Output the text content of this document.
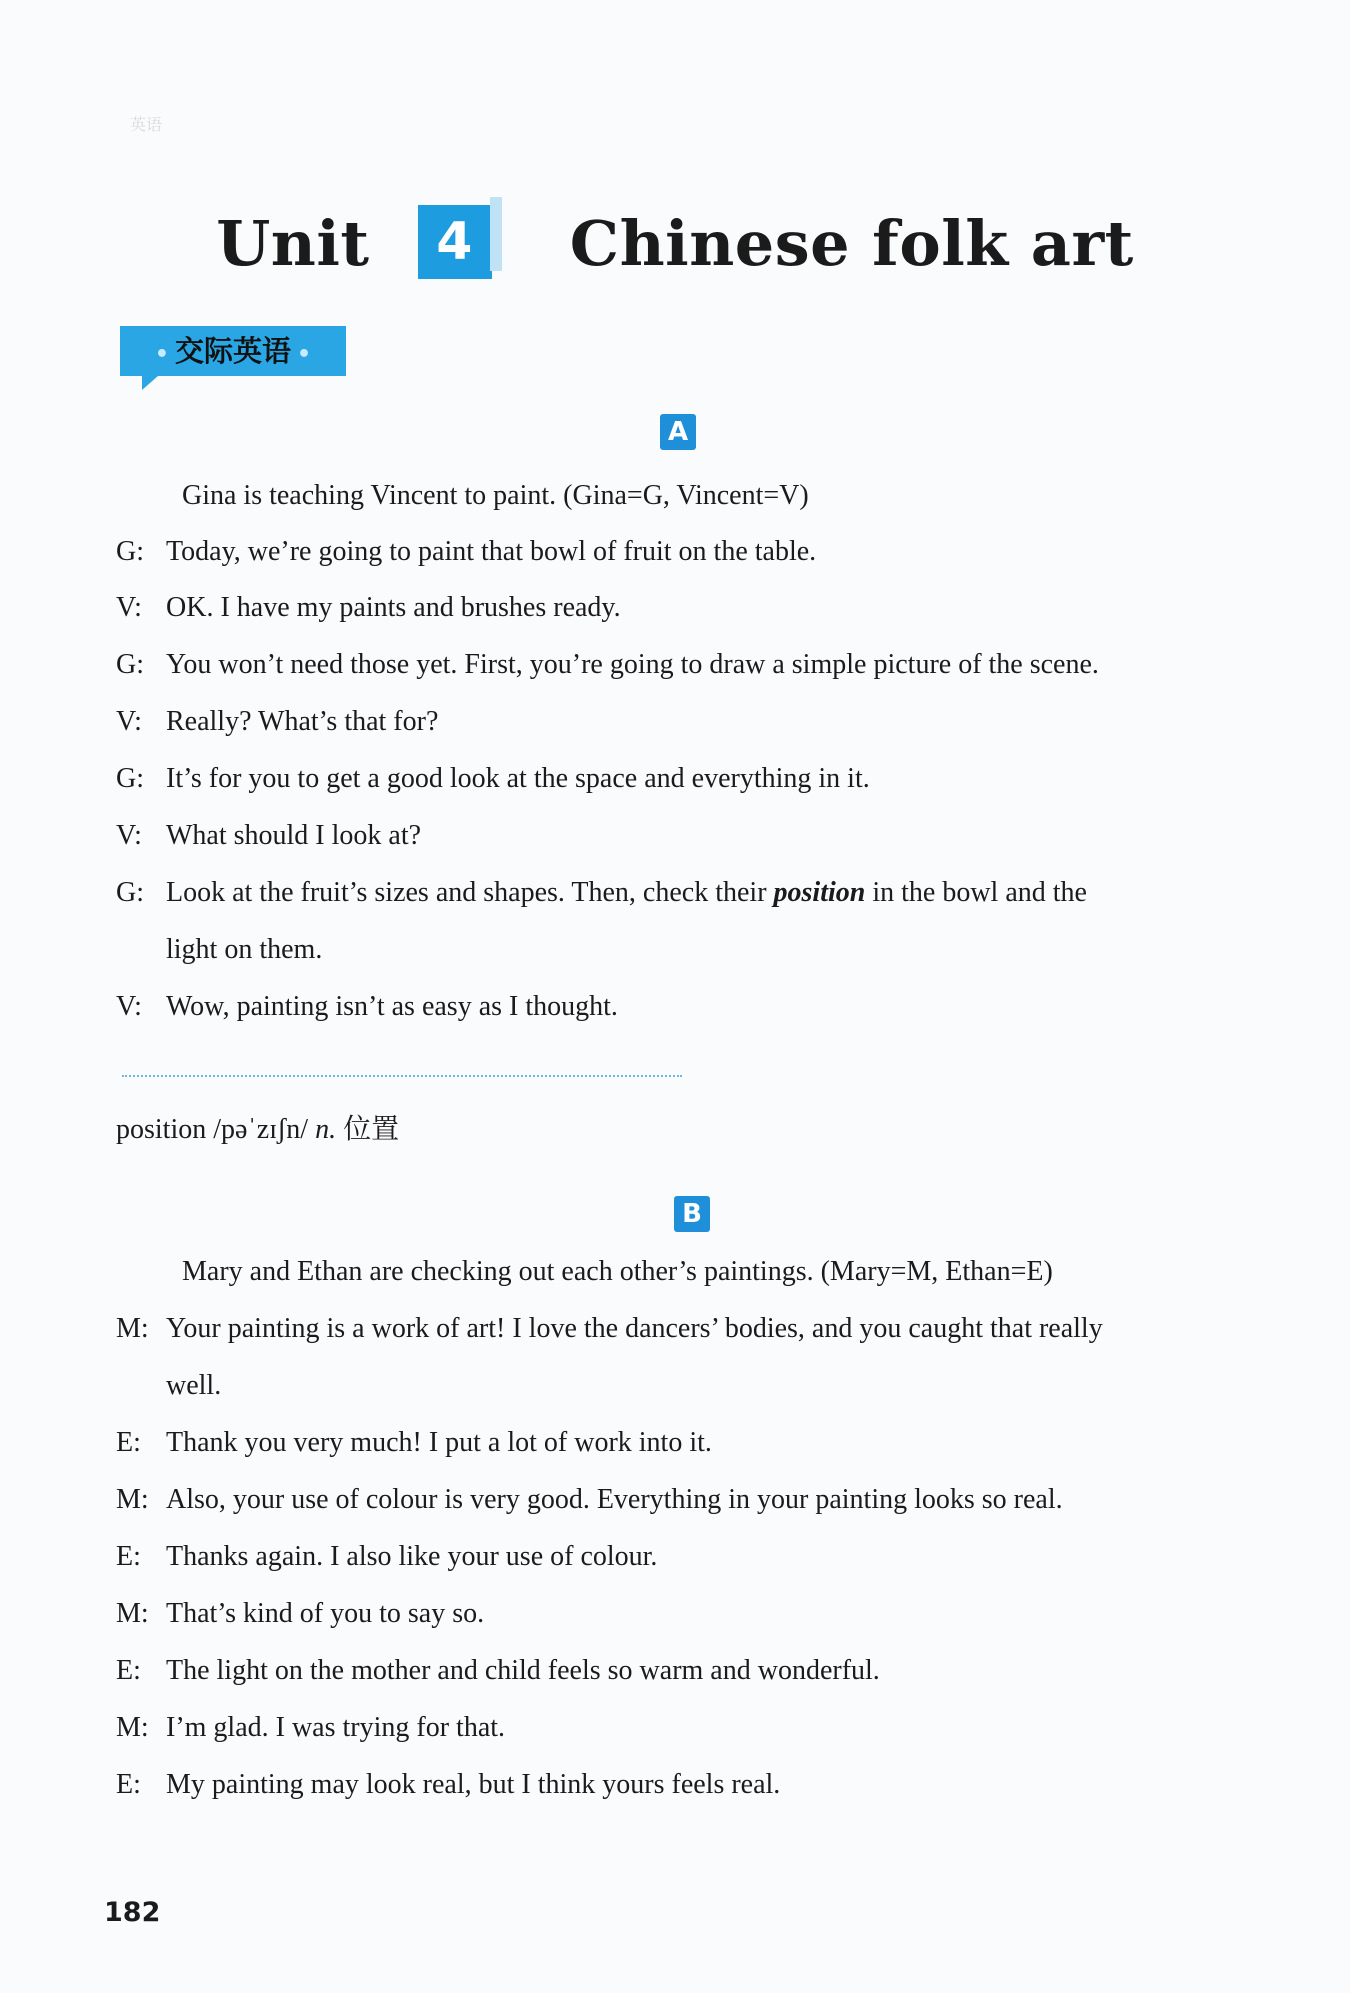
英语
Unit 4 Chinese folk art
• 交际英语 •
A
Gina is teaching Vincent to paint. (Gina=G, Vincent=V)
G: Today, we’re going to paint that bowl of fruit on the table.
V: OK. I have my paints and brushes ready.
G: You won’t need those yet. First, you’re going to draw a simple picture of the scene.
V: Really? What’s that for?
G: It’s for you to get a good look at the space and everything in it.
V: What should I look at?
G: Look at the fruit’s sizes and shapes. Then, check their position in the bowl and the
light on them.
V: Wow, painting isn’t as easy as I thought.
position /pəˈzɪʃn/ n. 位置
B
Mary and Ethan are checking out each other’s paintings. (Mary=M, Ethan=E)
M: Your painting is a work of art! I love the dancers’ bodies, and you caught that really
well.
E: Thank you very much! I put a lot of work into it.
M: Also, your use of colour is very good. Everything in your painting looks so real.
E: Thanks again. I also like your use of colour.
M: That’s kind of you to say so.
E: The light on the mother and child feels so warm and wonderful.
M: I’m glad. I was trying for that.
E: My painting may look real, but I think yours feels real.
182
